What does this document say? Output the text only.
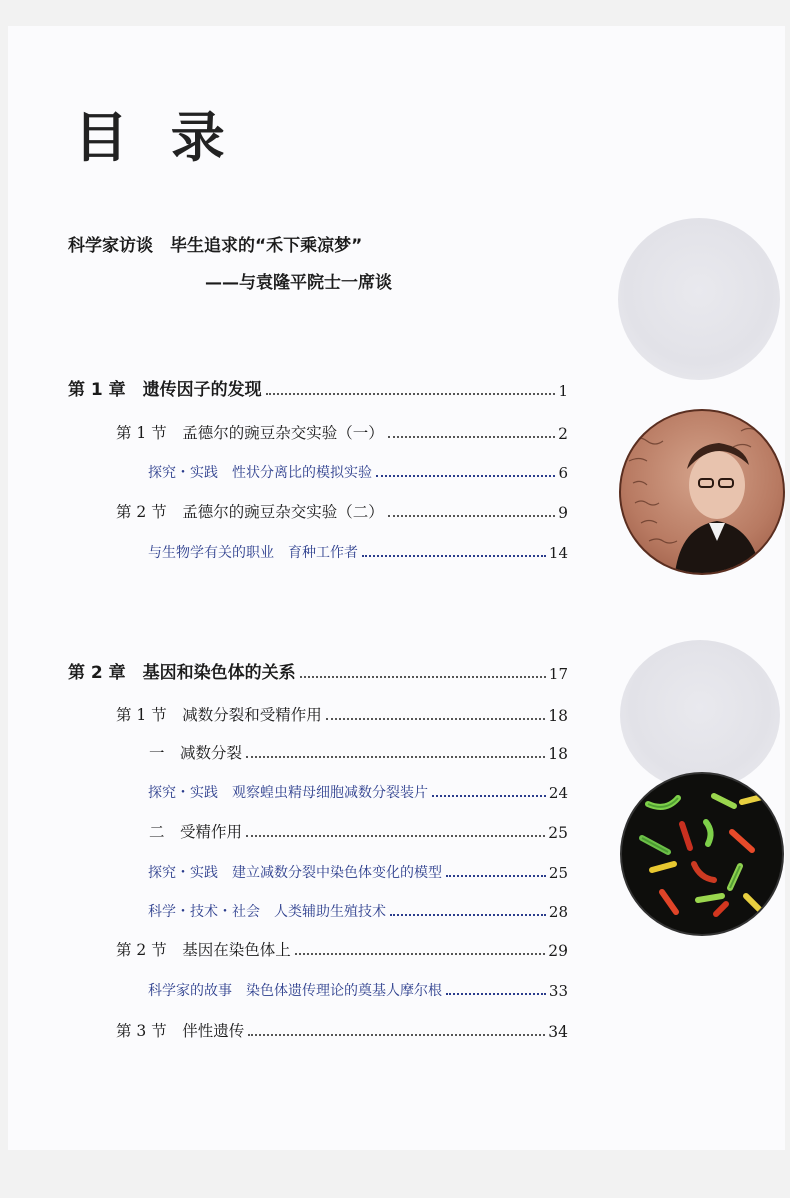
目 录
科学家访谈　毕生追求的“禾下乘凉梦”
——与袁隆平院士一席谈
第 1 章　遗传因子的发现	1
第 1 节　孟德尔的豌豆杂交实验（一）	2
探究・实践　性状分离比的模拟实验	6
第 2 节　孟德尔的豌豆杂交实验（二）	9
与生物学有关的职业　育种工作者	14
第 2 章　基因和染色体的关系	17
第 1 节　减数分裂和受精作用	18
一　减数分裂	18
探究・实践　观察蝗虫精母细胞减数分裂装片	24
二　受精作用	25
探究・实践　建立减数分裂中染色体变化的模型	25
科学・技术・社会　人类辅助生殖技术	28
第 2 节　基因在染色体上	29
科学家的故事　染色体遗传理论的奠基人摩尔根	33
第 3 节　伴性遗传	34
